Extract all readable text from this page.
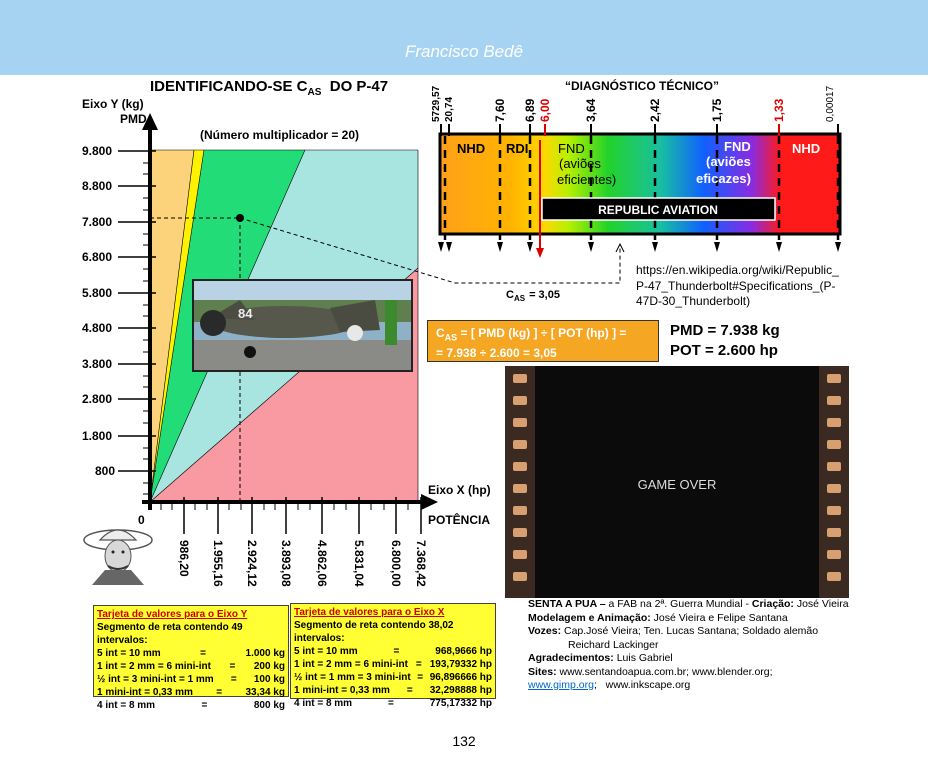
Francisco Bedê
IDENTIFICANDO-SE $C_{AS}$ DO P-47
Eixo Y (kg)
PMD
(Número multiplicador = 20)
9.800
8.800
7.800
6.800
5.800
4.800
3.800
2.800
1.800
800
986,20 1.955,16 2.924,12 3.893,08 4.862,06 5.831,04 6.800,00 7.368,42
0
Eixo X (hp)
POTÊNCIA
84
“DIAGNÓSTICO TÉCNICO”
5729,57 20,74	7,60 6,89 6,00	3,64	2,42	1,75	1,33	0,00017
NHD RDI FND
(aviões
eficientes)
FND
(aviões
eficazes)
NHD
REPUBLIC AVIATION
$C_{AS} = 3,05$
https://en.wikipedia.org/wiki/Republic_
P-47_Thunderbolt#Specifications_(P-
47D-30_Thunderbolt)
$C_{AS}$ = [ PMD (kg) ] ÷ [ POT (hp) ] =
= 7.938 ÷ 2.600 = 3,05
PMD = 7.938 kg
POT = 2.600 hp
GAME OVER
Tarjeta de valores para o Eixo Y
Segmento de reta contendo 49 intervalos:
5 int = 10 mm	=	1.000 kg
1 int = 2 mm = 6 mini-int = 200 kg
½ int = 3 mini-int = 1 mm = 100 kg
1 mini-int = 0,33 mm = 33,34 kg
4 int = 8 mm	=	800 kg
Tarjeta de valores para o Eixo X
Segmento de reta contendo 38,02 intervalos:
5 int = 10 mm	=	968,9666 hp
1 int = 2 mm = 6 mini-int = 193,79332 hp
½ int = 1 mm = 3 mini-int = 96,896666 hp
1 mini-int = 0,33 mm = 32,298888 hp
4 int = 8 mm	=	775,17332 hp
SENTA A PUA – a FAB na 2ª. Guerra Mundial - Criação: José Vieira
Modelagem e Animação: José Vieira e Felipe Santana
Vozes: Cap.José Vieira; Ten. Lucas Santana; Soldado alemão
Reichard Lackinger
Agradecimentos: Luis Gabriel
Sites: www.sentandoapua.com.br; www.blender.org;
www.gimp.org;   www.inkscape.org
132
